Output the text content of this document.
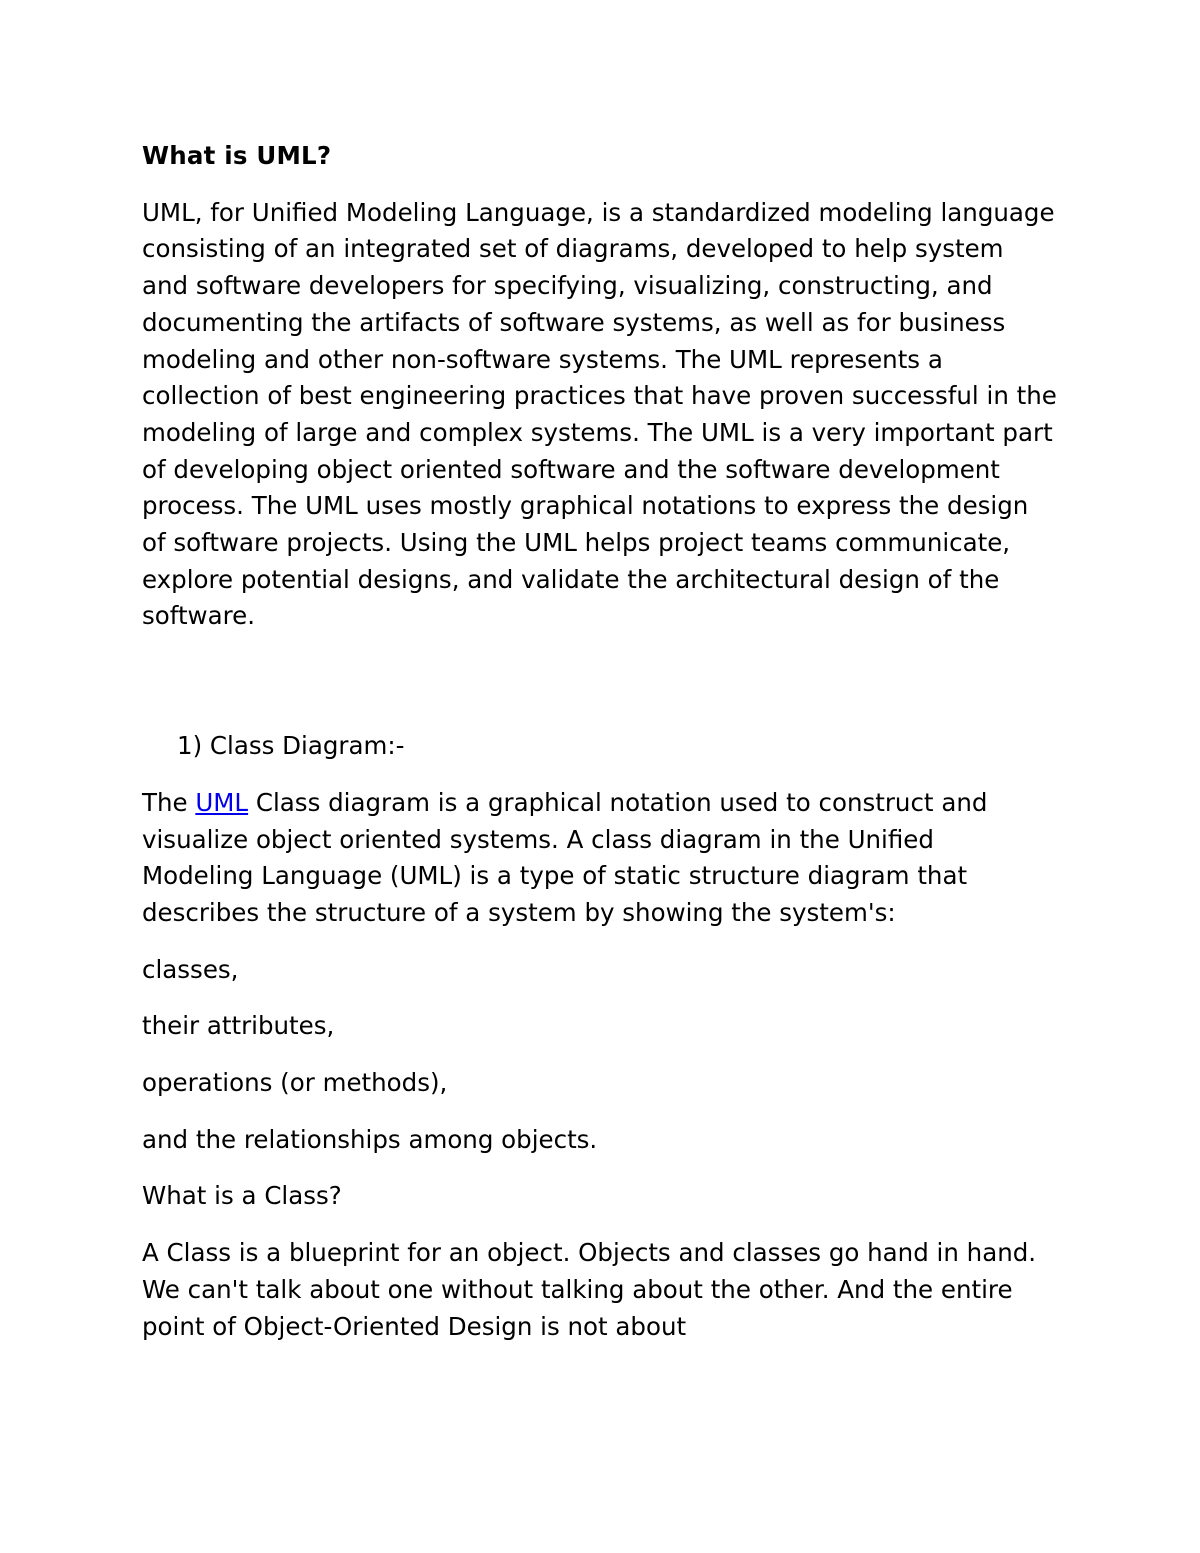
What is UML?

UML, for Unified Modeling Language, is a standardized modeling language consisting of an integrated set of diagrams, developed to help system and software developers for specifying, visualizing, constructing, and documenting the artifacts of software systems, as well as for business modeling and other non-software systems. The UML represents a collection of best engineering practices that have proven successful in the modeling of large and complex systems. The UML is a very important part of developing object oriented software and the software development process. The UML uses mostly graphical notations to express the design of software projects. Using the UML helps project teams communicate, explore potential designs, and validate the architectural design of the software.

1) Class Diagram:-

The UML Class diagram is a graphical notation used to construct and visualize object oriented systems. A class diagram in the Unified Modeling Language (UML) is a type of static structure diagram that describes the structure of a system by showing the system's:

classes,

their attributes,

operations (or methods),

and the relationships among objects.

What is a Class?

A Class is a blueprint for an object. Objects and classes go hand in hand. We can't talk about one without talking about the other. And the entire point of Object-Oriented Design is not about
